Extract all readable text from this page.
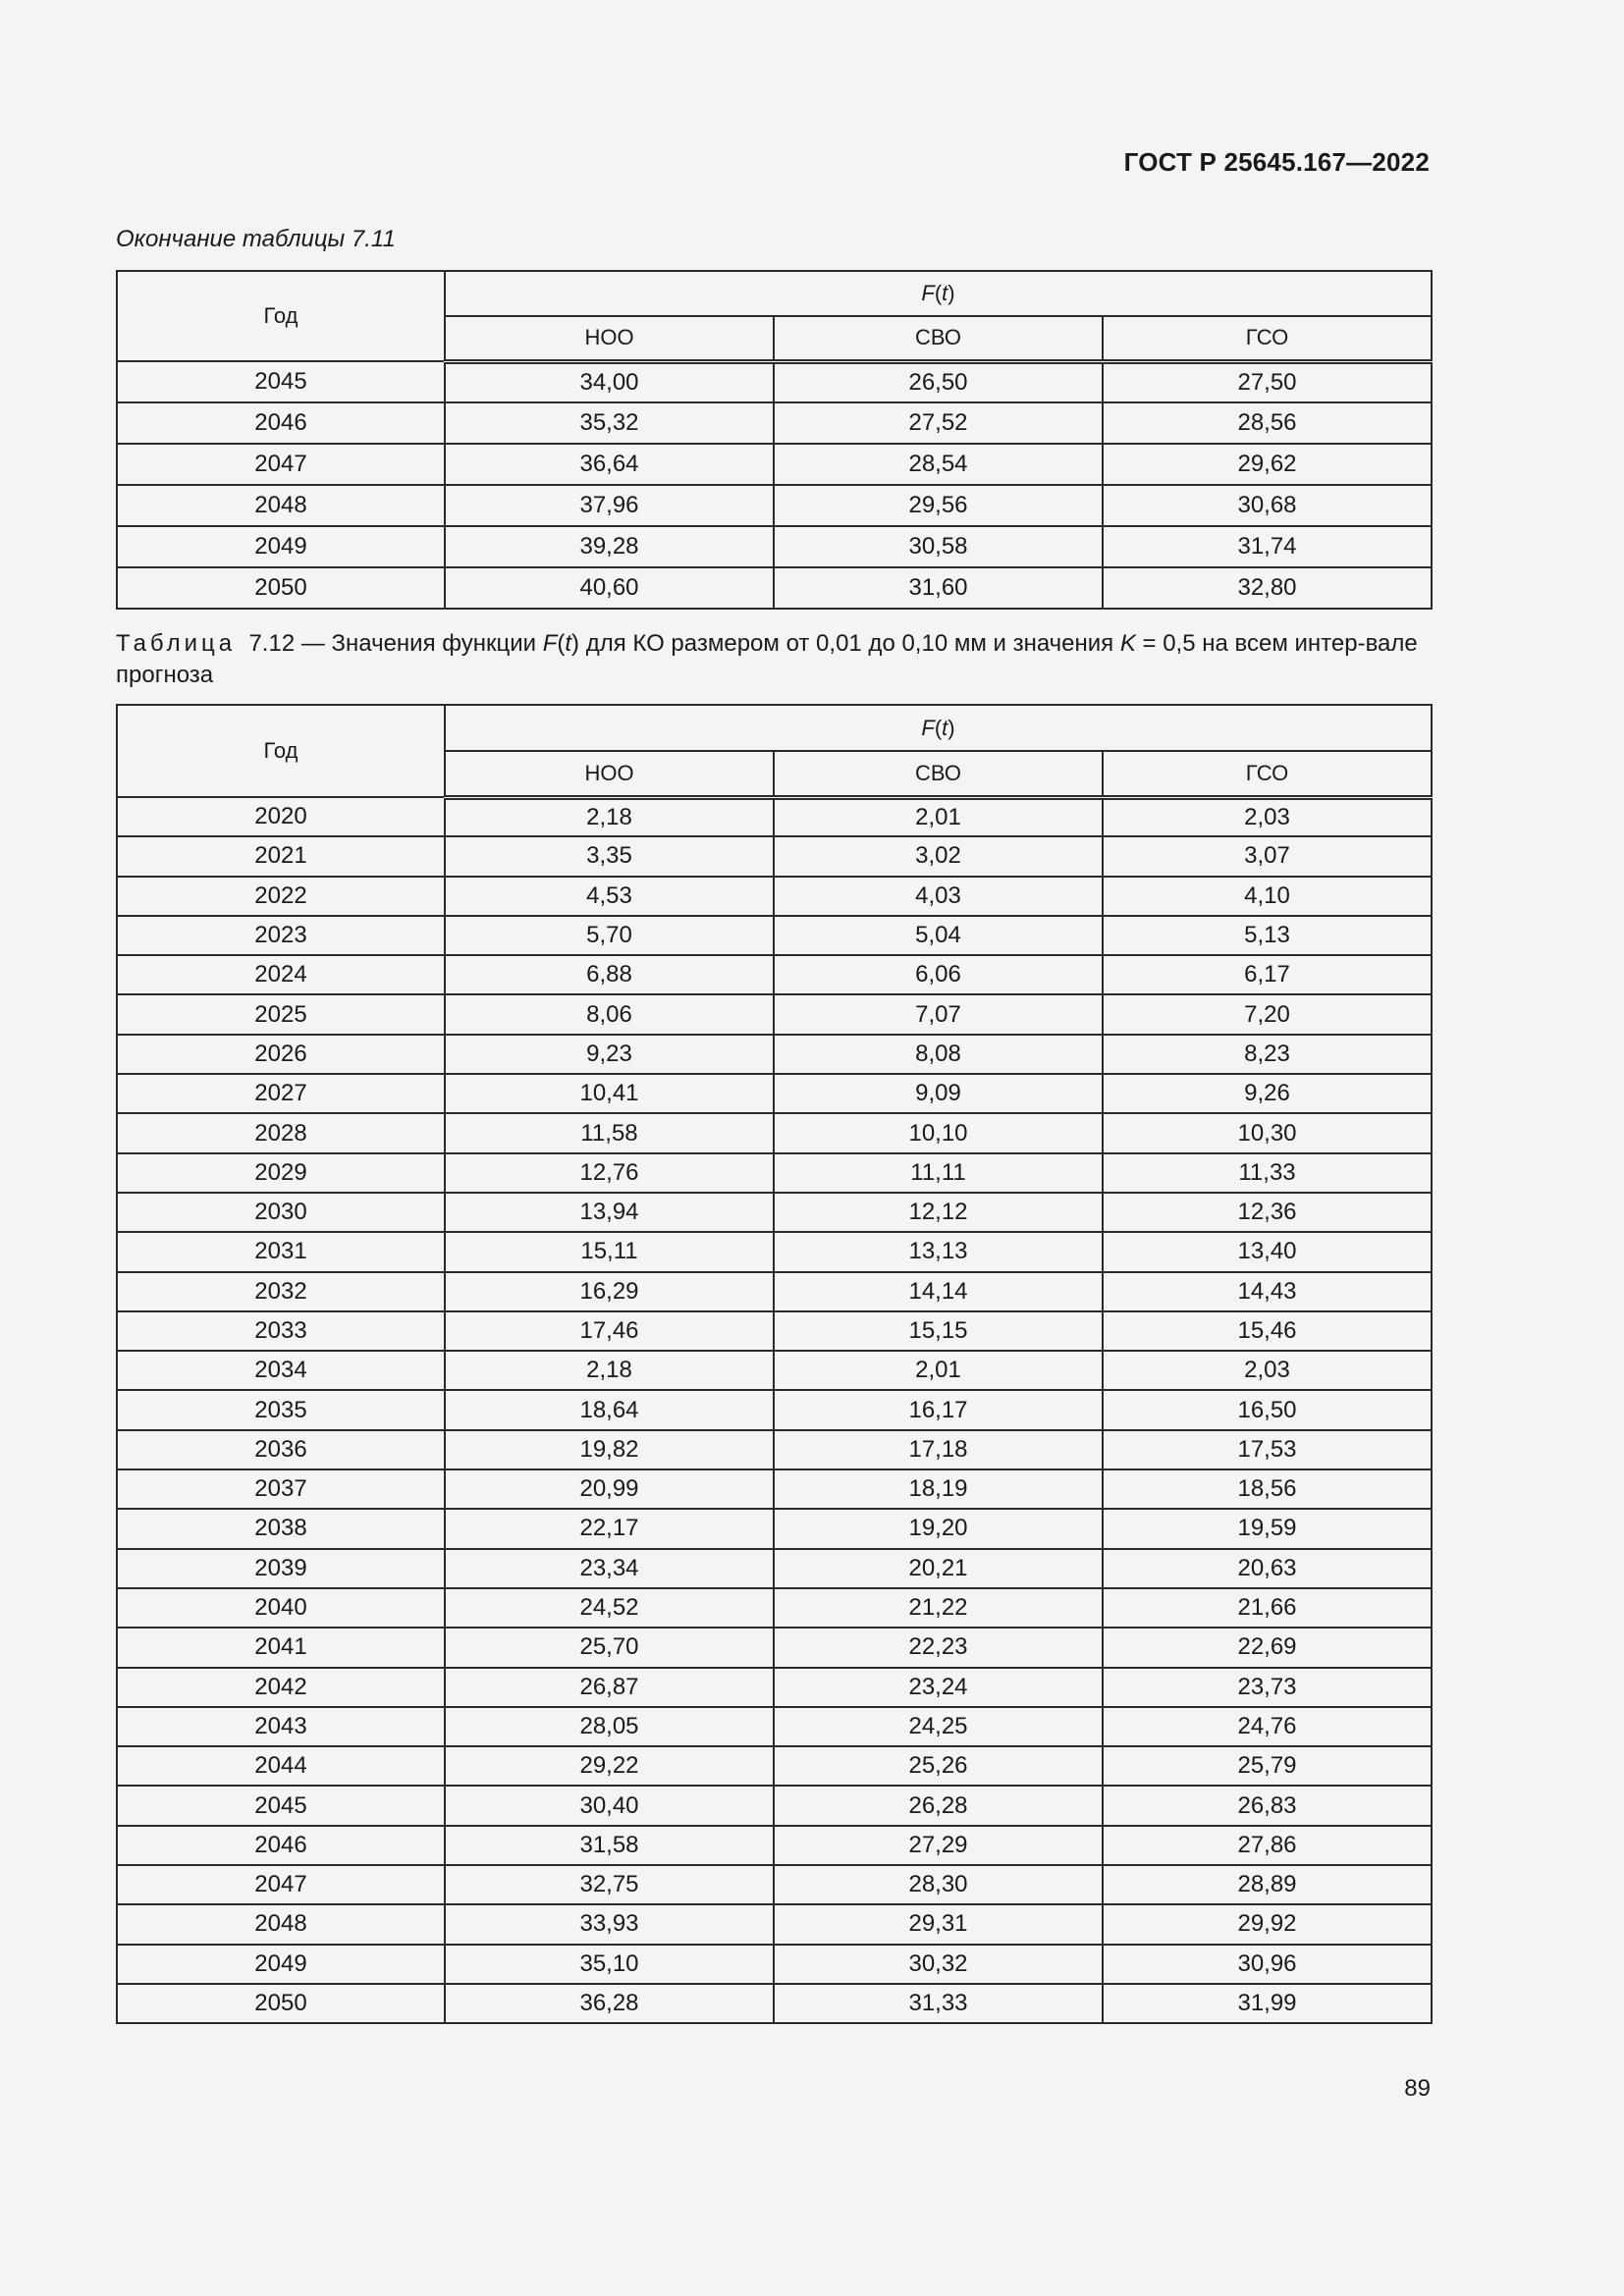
ГОСТ Р 25645.167—2022
Окончание таблицы 7.11
Год	F(t)		
	НОО	СВО	ГСО
2045	34,00	26,50	27,50
2046	35,32	27,52	28,56
2047	36,64	28,54	29,62
2048	37,96	29,56	30,68
2049	39,28	30,58	31,74
2050	40,60	31,60	32,80
Таблица 7.12 — Значения функции F(t) для КО размером от 0,01 до 0,10 мм и значения K = 0,5 на всем интер-вале прогноза
Год	F(t)		
	НОО	СВО	ГСО
2020	2,18	2,01	2,03
2021	3,35	3,02	3,07
2022	4,53	4,03	4,10
2023	5,70	5,04	5,13
2024	6,88	6,06	6,17
2025	8,06	7,07	7,20
2026	9,23	8,08	8,23
2027	10,41	9,09	9,26
2028	11,58	10,10	10,30
2029	12,76	11,11	11,33
2030	13,94	12,12	12,36
2031	15,11	13,13	13,40
2032	16,29	14,14	14,43
2033	17,46	15,15	15,46
2034	2,18	2,01	2,03
2035	18,64	16,17	16,50
2036	19,82	17,18	17,53
2037	20,99	18,19	18,56
2038	22,17	19,20	19,59
2039	23,34	20,21	20,63
2040	24,52	21,22	21,66
2041	25,70	22,23	22,69
2042	26,87	23,24	23,73
2043	28,05	24,25	24,76
2044	29,22	25,26	25,79
2045	30,40	26,28	26,83
2046	31,58	27,29	27,86
2047	32,75	28,30	28,89
2048	33,93	29,31	29,92
2049	35,10	30,32	30,96
2050	36,28	31,33	31,99
89
